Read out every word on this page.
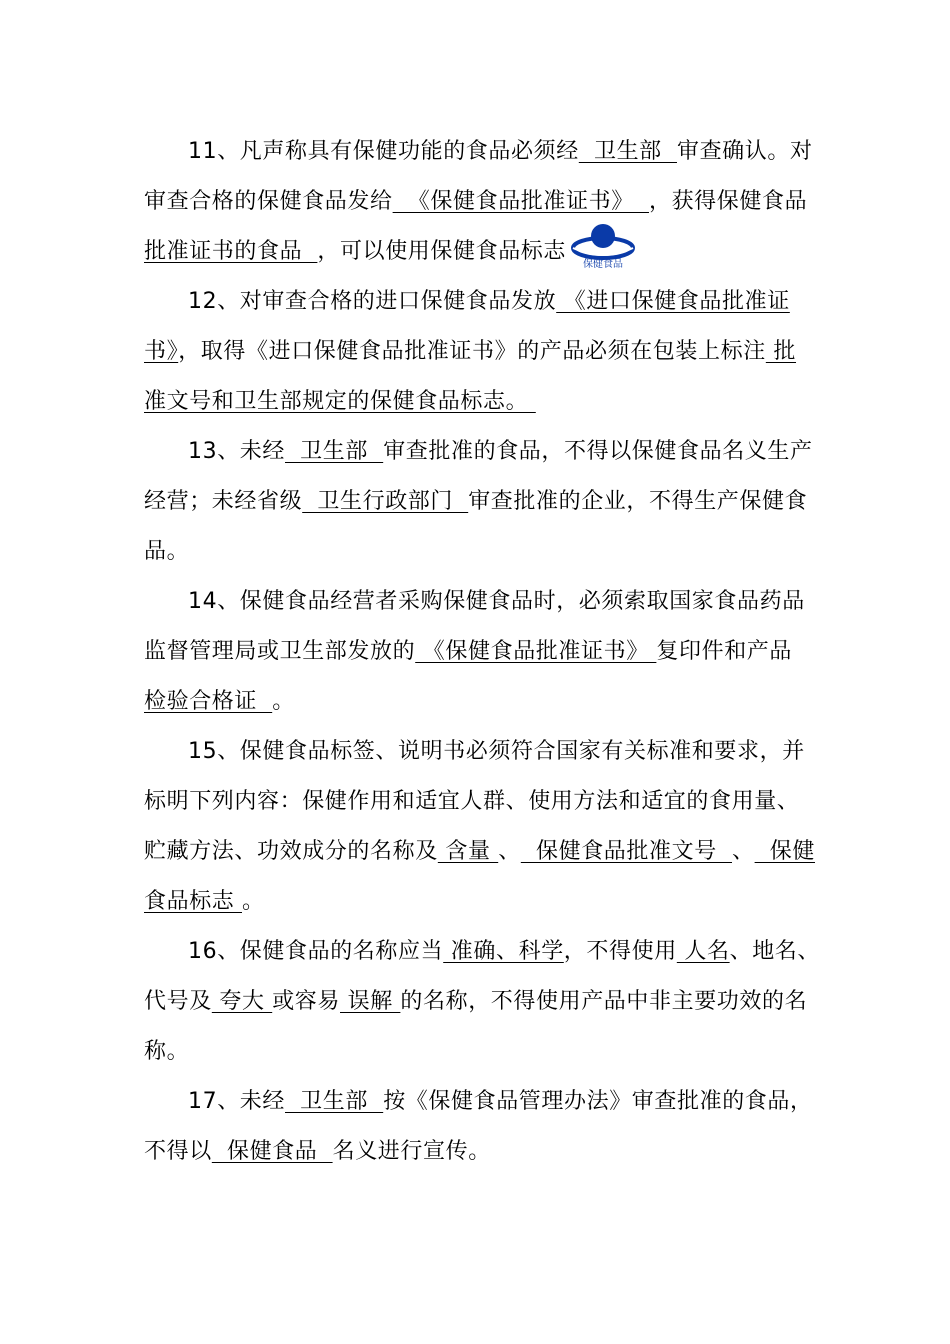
11、凡声称具有保健功能的食品必须经  卫生部  审查确认。对
审查合格的保健食品发给  《保健食品批准证书》  ，获得保健食品
批准证书的食品  ，可以使用保健食品标志
12、对审查合格的进口保健食品发放 《进口保健食品批准证
书》，取得《进口保健食品批准证书》的产品必须在包装上标注 批
准文号和卫生部规定的保健食品标志。
13、未经  卫生部  审查批准的食品，不得以保健食品名义生产
经营；未经省级  卫生行政部门  审查批准的企业，不得生产保健食
品。
14、保健食品经营者采购保健食品时，必须索取国家食品药品
监督管理局或卫生部发放的 《保健食品批准证书》 复印件和产品
检验合格证  。
15、保健食品标签、说明书必须符合国家有关标准和要求，并
标明下列内容：保健作用和适宜人群、使用方法和适宜的食用量、
贮藏方法、功效成分的名称及 含量 、  保健食品批准文号  、  保健
食品标志 。
16、保健食品的名称应当 准确、科学，不得使用 人名、地名、
代号及 夸大 或容易 误解 的名称，不得使用产品中非主要功效的名
称。
17、未经  卫生部  按《保健食品管理办法》审查批准的食品，
不得以  保健食品  名义进行宣传。
保健食品
